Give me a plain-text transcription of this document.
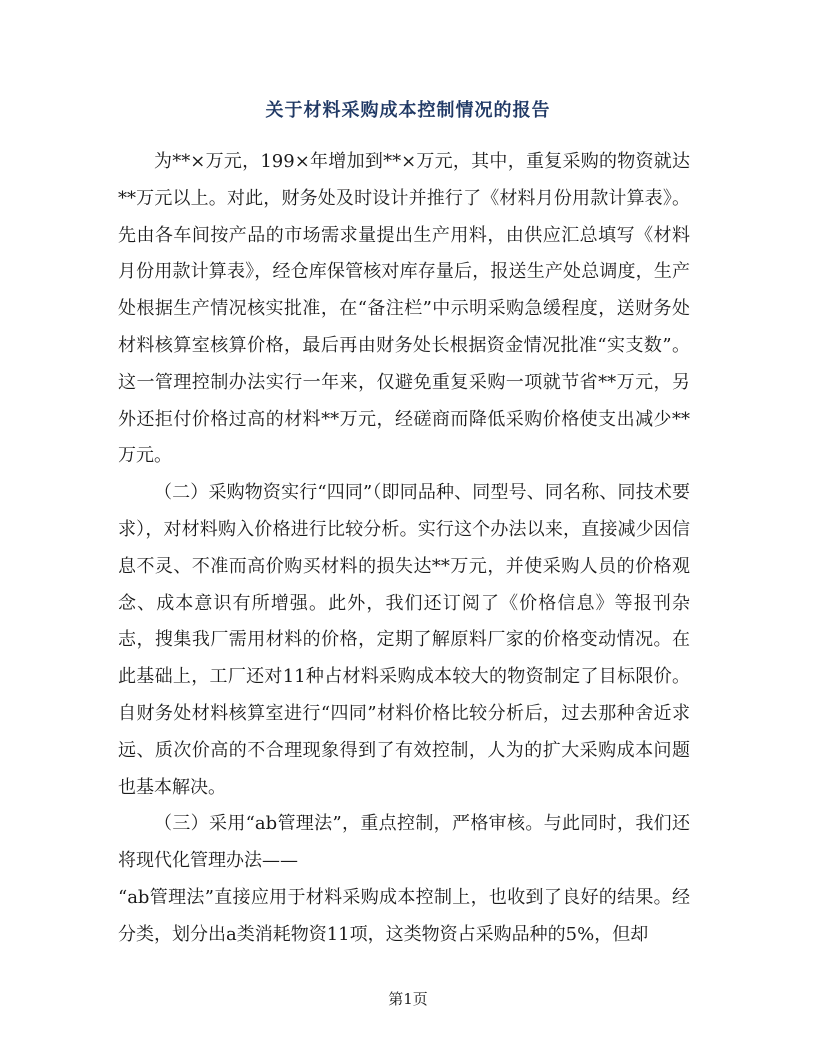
关于材料采购成本控制情况的报告

为**×万元，199×年增加到**×万元，其中，重复采购的物资就达**万元以上。对此，财务处及时设计并推行了《材料月份用款计算表》。先由各车间按产品的市场需求量提出生产用料，由供应汇总填写《材料月份用款计算表》，经仓库保管核对库存量后，报送生产处总调度，生产处根据生产情况核实批准，在“备注栏”中示明采购急缓程度，送财务处材料核算室核算价格，最后再由财务处长根据资金情况批准“实支数”。这一管理控制办法实行一年来，仅避免重复采购一项就节省**万元，另外还拒付价格过高的材料**万元，经磋商而降低采购价格使支出减少**万元。

（二）采购物资实行“四同”（即同品种、同型号、同名称、同技术要求），对材料购入价格进行比较分析。实行这个办法以来，直接减少因信息不灵、不准而高价购买材料的损失达**万元，并使采购人员的价格观念、成本意识有所增强。此外，我们还订阅了《价格信息》等报刊杂志，搜集我厂需用材料的价格，定期了解原料厂家的价格变动情况。在此基础上，工厂还对11种占材料采购成本较大的物资制定了目标限价。自财务处材料核算室进行“四同”材料价格比较分析后，过去那种舍近求远、质次价高的不合理现象得到了有效控制，人为的扩大采购成本问题也基本解决。

（三）采用“ab管理法”，重点控制，严格审核。与此同时，我们还将现代化管理办法——

“ab管理法”直接应用于材料采购成本控制上，也收到了良好的结果。经分类，划分出a类消耗物资11项，这类物资占采购品种的5%，但却

第1页
